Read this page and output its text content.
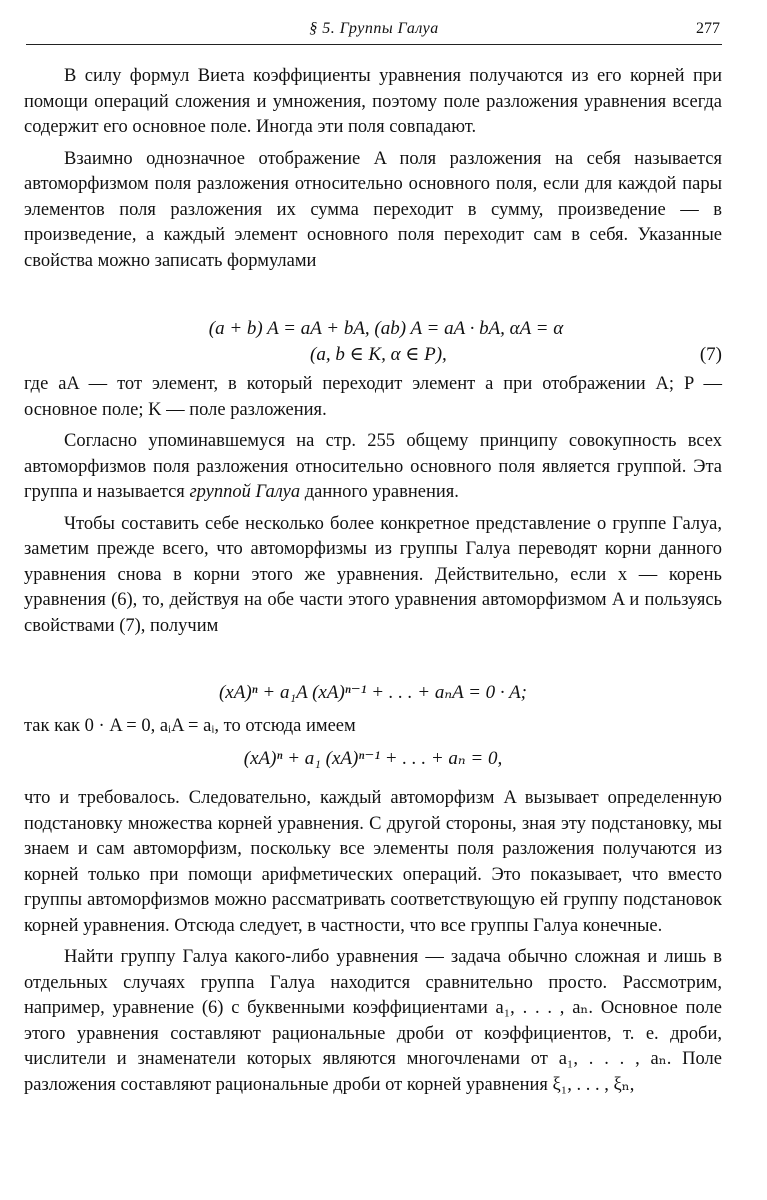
§ 5. Группы Галуа	277

В силу формул Виета коэффициенты уравнения получаются из его корней при помощи операций сложения и умножения, поэтому поле разложения уравнения всегда содержит его основное поле. Иногда эти поля совпадают.

Взаимно однозначное отображение A поля разложения на себя называется автоморфизмом поля разложения относительно основного поля, если для каждой пары элементов поля разложения их сумма переходит в сумму, произведение — в произведение, а каждый элемент основного поля переходит сам в себя. Указанные свойства можно записать формулами

(a + b) A = aA + bA, (ab) A = aA · bA, αA = α
(a, b ∈ K, α ∈ P),	(7)

где aA — тот элемент, в который переходит элемент a при отображении A; P — основное поле; K — поле разложения.

Согласно упоминавшемуся на стр. 255 общему принципу совокупность всех автоморфизмов поля разложения относительно основного поля является группой. Эта группа и называется группой Галуа данного уравнения.

Чтобы составить себе несколько более конкретное представление о группе Галуа, заметим прежде всего, что автоморфизмы из группы Галуа переводят корни данного уравнения снова в корни этого же уравнения. Действительно, если x — корень уравнения (6), то, действуя на обе части этого уравнения автоморфизмом A и пользуясь свойствами (7), получим

(xA)ⁿ + a₁A (xA)ⁿ⁻¹ + . . . + aₙA = 0 · A;

так как 0 · A = 0, aᵢA = aᵢ, то отсюда имеем

(xA)ⁿ + a₁ (xA)ⁿ⁻¹ + . . . + aₙ = 0,

что и требовалось. Следовательно, каждый автоморфизм A вызывает определенную подстановку множества корней уравнения. С другой стороны, зная эту подстановку, мы знаем и сам автоморфизм, поскольку все элементы поля разложения получаются из корней только при помощи арифметических операций. Это показывает, что вместо группы автоморфизмов можно рассматривать соответствующую ей группу подстановок корней уравнения. Отсюда следует, в частности, что все группы Галуа конечные.

Найти группу Галуа какого-либо уравнения — задача обычно сложная и лишь в отдельных случаях группа Галуа находится сравнительно просто. Рассмотрим, например, уравнение (6) с буквенными коэффициентами a₁, . . . , aₙ. Основное поле этого уравнения составляют рациональные дроби от коэффициентов, т. е. дроби, числители и знаменатели которых являются многочленами от a₁, . . . , aₙ. Поле разложения составляют рациональные дроби от корней уравнения ξ₁, . . . , ξₙ,
